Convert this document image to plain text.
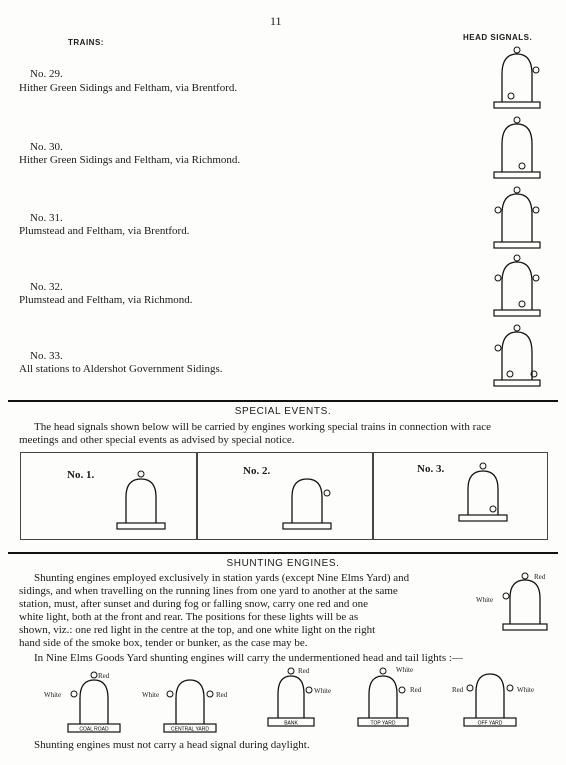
11
TRAINS:
HEAD SIGNALS.
No. 29.
Hither Green Sidings and Feltham, via Brentford.
No. 30.
Hither Green Sidings and Feltham, via Richmond.
No. 31.
Plumstead and Feltham, via Brentford.
No. 32.
Plumstead and Feltham, via Richmond.
No. 33.
All stations to Aldershot Government Sidings.
SPECIAL EVENTS.
The head signals shown below will be carried by engines working special trains in connection with race
meetings and other special events as advised by special notice.
No. 1.	No. 2.	No. 3.
SHUNTING ENGINES.
Shunting engines employed exclusively in station yards (except Nine Elms Yard) and
sidings, and when travelling on the running lines from one yard to another at the same
station, must, after sunset and during fog or falling snow, carry one red and one
white light, both at the front and rear. The positions for these lights will be as
shown, viz.: one red light in the centre at the top, and one white light on the right
hand side of the smoke box, tender or bunker, as the case may be.
Red
White
In Nine Elms Goods Yard shunting engines will carry the undermentioned head and tail lights :—
Red
White
COAL ROAD
White	Red
CENTRAL YARD
Red
White
BANK
White
Red
TOP YARD
Red	White
OFF YARD
Shunting engines must not carry a head signal during daylight.
